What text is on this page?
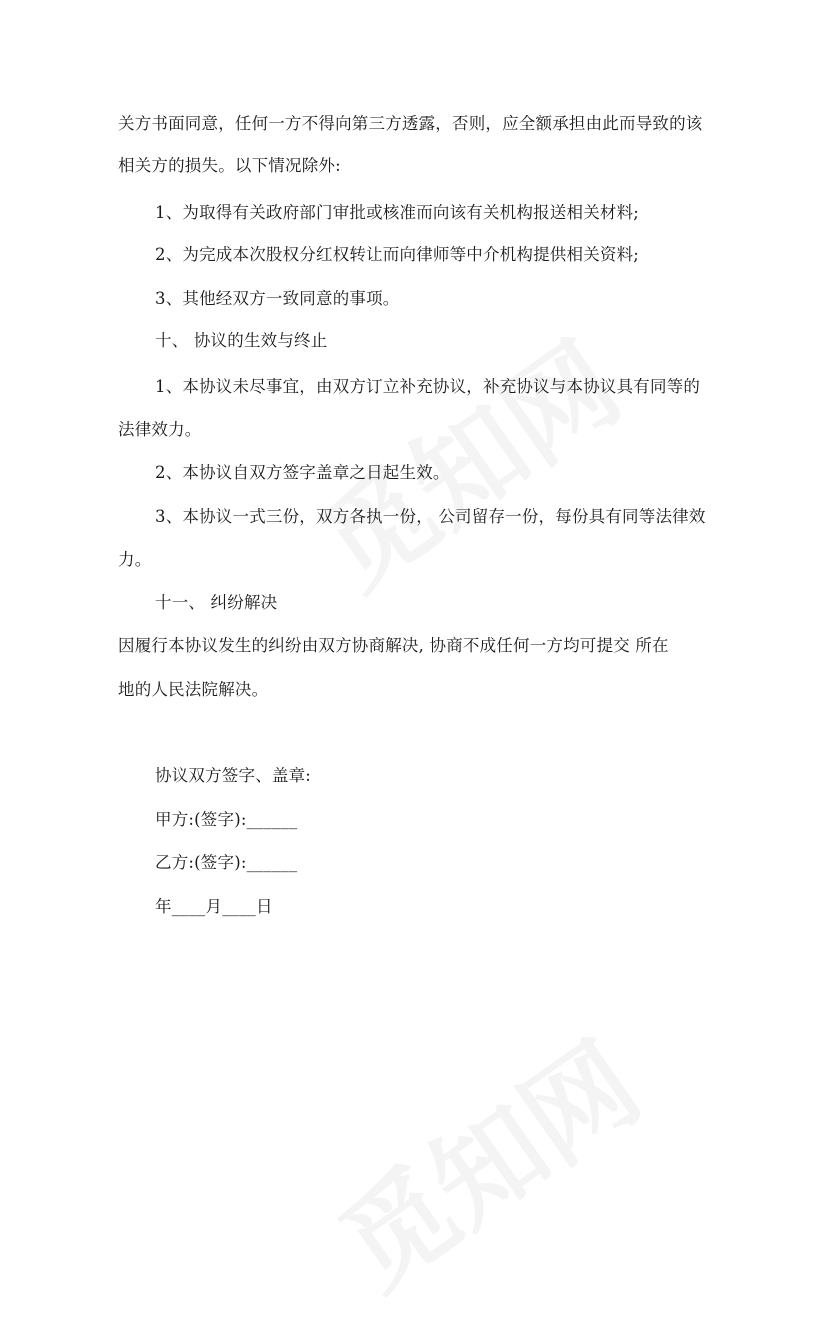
关方书面同意，任何一方不得向第三方透露，否则，应全额承担由此而导致的该
相关方的损失。以下情况除外:
1、为取得有关政府部门审批或核准而向该有关机构报送相关材料;
2、为完成本次股权分红权转让而向律师等中介机构提供相关资料;
3、其他经双方一致同意的事项。
十、 协议的生效与终止
1、本协议未尽事宜，由双方订立补充协议，补充协议与本协议具有同等的
法律效力。
2、本协议自双方签字盖章之日起生效。
3、本协议一式三份，双方各执一份， 公司留存一份，每份具有同等法律效
力。
十一、 纠纷解决
因履行本协议发生的纠纷由双方协商解决, 协商不成任何一方均可提交 所在
地的人民法院解决。
协议双方签字、盖章:
甲方:(签字):______
乙方:(签字):______
年____月____日
